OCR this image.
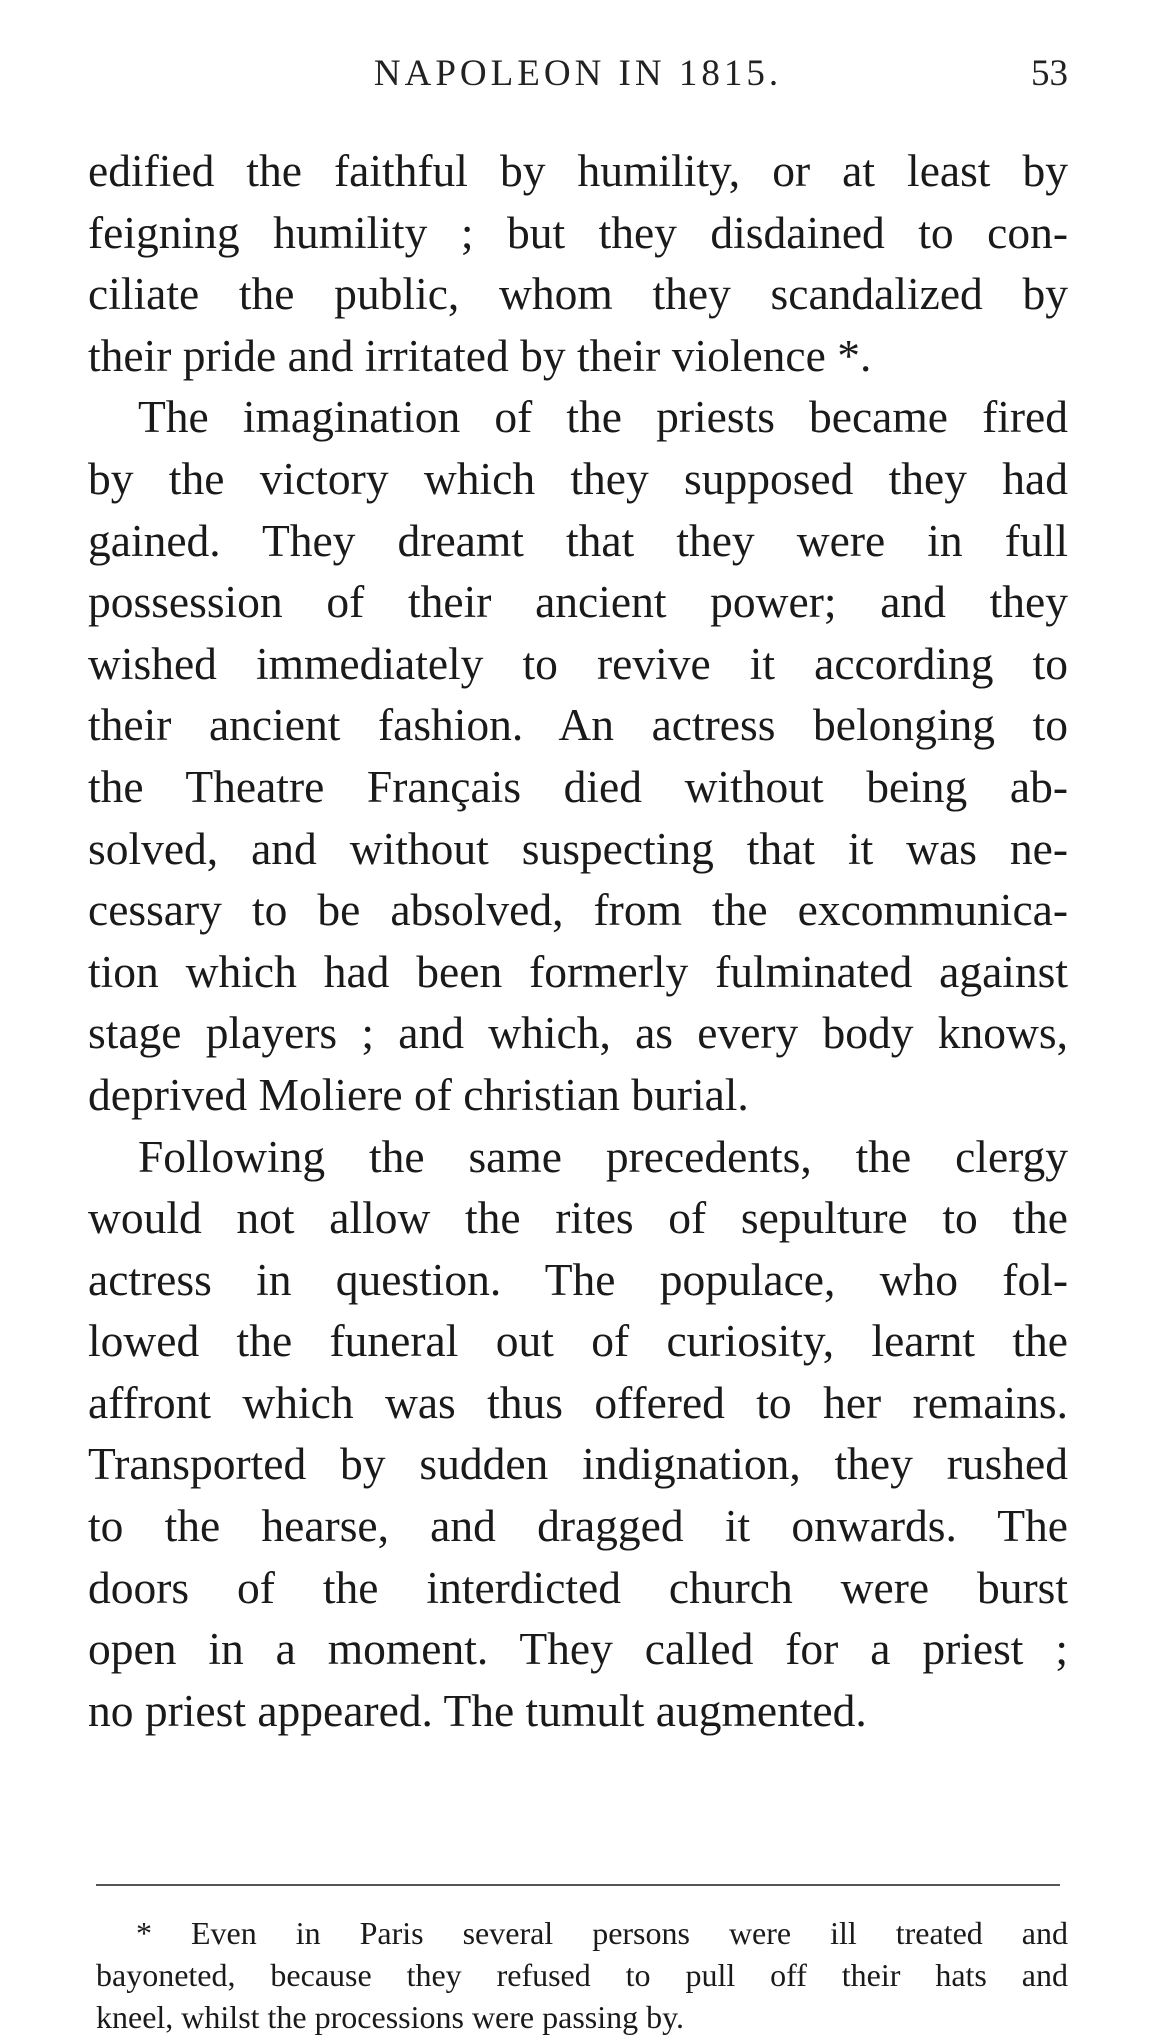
NAPOLEON IN 1815.	53

edified the faithful by humility, or at least by
feigning humility ; but they disdained to con-
ciliate the public, whom they scandalized by
their pride and irritated by their violence *.
The imagination of the priests became fired
by the victory which they supposed they had
gained. They dreamt that they were in full
possession of their ancient power; and they
wished immediately to revive it according to
their ancient fashion. An actress belonging to
the Theatre Français died without being ab-
solved, and without suspecting that it was ne-
cessary to be absolved, from the excommunica-
tion which had been formerly fulminated against
stage players ; and which, as every body knows,
deprived Moliere of christian burial.
Following the same precedents, the clergy
would not allow the rites of sepulture to the
actress in question. The populace, who fol-
lowed the funeral out of curiosity, learnt the
affront which was thus offered to her remains.
Transported by sudden indignation, they rushed
to the hearse, and dragged it onwards. The
doors of the interdicted church were burst
open in a moment. They called for a priest ;
no priest appeared. The tumult augmented.

* Even in Paris several persons were ill treated and
bayoneted, because they refused to pull off their hats and
kneel, whilst the processions were passing by.
